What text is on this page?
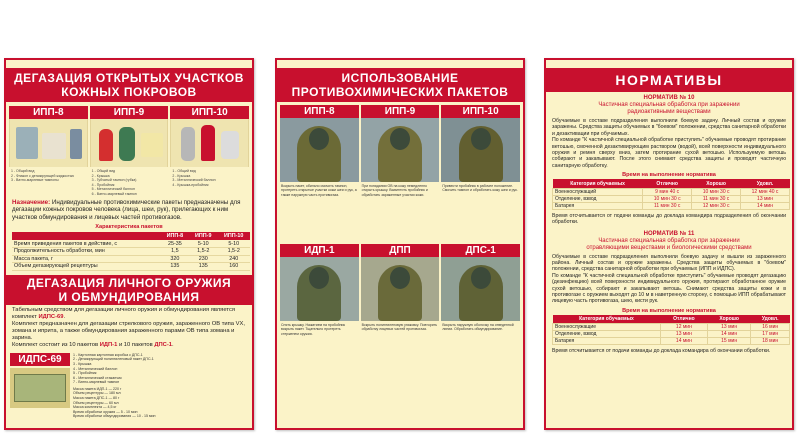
ДЕГАЗАЦИЯ ОТКРЫТЫХ УЧАСТКОВ
КОЖНЫХ ПОКРОВОВ
ИПП-8
1 - Общий вид
2 - Флакон с дегазирующей жидкостью
3 - Ватно-марлевые тампоны
ИПП-9
1 - Общий вид
2 - Крышка
3 - Губчатый тампон (губка)
4 - Пробойник
5 - Металлический баллон
6 - Ватно-марлевый тампон
ИПП-10
1 - Общий вид
2 - Крышка
3 - Металлический баллон
4 - Крышка-пробойник
Назначение: Индивидуальные противохимические пакеты предназначены для дегазации кожных покровов человека (лица, шеи, рук), прилегающих к ним участков обмундирования и лицевых частей противогазов.
Характеристика пакетов
	ИПП-8	ИПП-9	ИПП-10
Время приведения пакетов в действие, с	25-35	5-10	5-10
Продолжительность обработки, мин	1,5	1,5-2	1,5-2
Масса пакета, г	320	230	240
Объем дегазирующей рецептуры	135	135	160
ДЕГАЗАЦИЯ ЛИЧНОГО ОРУЖИЯ
И ОБМУНДИРОВАНИЯ
Табельным средством для дегазации личного оружия и обмундирования является комплект ИДПС-69.
Комплект предназначен для дегазации стрелкового оружия, зараженного ОВ типа VX, зомана и иприта, а также обмундирования зараженного парами ОВ типа зомана и зарина.
Комплект состоит из 10 пакетов ИДП-1 и 10 пакетов ДПС-1.
ИДПС-69	1 - Картонная картонная коробка с ДПС-1
2 - Дегазирующий полиэтиленовый пакет ДПС-1
3 - Крышка
4 - Металлический баллон
5 - Пробойник
6 - Металлический стаканчик
7 - Ватно-марлевый тампон
Масса пакета ИДП-1 — 220 г
Объем рецептуры — 180 мл
Масса пакета ДПС-1 — 80 г
Объем рецептуры — 60 мл
Масса комплекта — 4,5 кг
Время обработки оружия — 5 - 10 мин
Время обработки обмундирования — 10 - 15 мин
ИСПОЛЬЗОВАНИЕ
ПРОТИВОХИМИЧЕСКИХ ПАКЕТОВ
ИПП-8
Вскрыть пакет, обильно смочить тампон, протереть открытые участки кожи шеи и рук, а также наружную часть противогаза.
ИПП-9
При попадании ОВ на кожу немедленно открыть крышку. Вывинтить пробойник и обработать зараженные участки кожи.
ИПП-10
Привести пробойник в рабочее положение. Смочить тампон и обработать кожу шеи и рук.
ИДП-1
Снять крышку. Нажатием на пробойник вскрыть пакет. Тщательно протереть стерженем оружия.
ДПП
Вскрыть полиэтиленовую упаковку. Повторить обработку лицевых частей противогаза.
ДПС-1
Вскрыть наружную оболочку на отведенной линии. Обработать обмундирование.
НОРМАТИВЫ
НОРМАТИВ № 10
Частичная специальная обработка при заражении
радиоактивными веществами
Обучаемые в составе подразделения выполнили боевую задачу. Личный состав и оружие заражены. Средства защиты обучаемых в "боевом" положении, средства санитарной обработки и дезактивации при обучаемых.
По команде "К частичной специальной обработке приступить" обучаемые проводят протирание ветошью, смоченной дезактивирующим раствором (водой), всей поверхности индивидуального оружия и ремня сверху вниз, затем протирание сухой ветошью. Используемую ветошь собирают и закапывают. После этого снимают средства защиты и проводят частичную санитарную обработку.
Время на выполнение норматива
Категория обучаемых	Отлично	Хорошо	Удовл.
Военнослужащий	9 мин 40 с	10 мин 30 с	12 мин 40 с
Отделение, взвод	10 мин 30 с	11 мин 30 с	13 мин
Батарея	11 мин 30 с	12 мин 30 с	14 мин
Время отсчитывается от подачи команды до доклада командира подразделения об окончании обработки.
НОРМАТИВ № 11
Частичная специальная обработка при заражении
отравляющими веществами и биологическими средствами
Обучаемые в составе подразделения выполнили боевую задачу и вышли из зараженного района. Личный состав и оружие заражены. Средства защиты обучаемых в "боевом" положении, средства санитарной обработки при обучаемых (ИПП и ИДПС).
По команде "К частичной специальной обработке приступить" обучаемые проводят дегазацию (дезинфекцию) всей поверхности индивидуального оружия, протирают обработанное оружие сухой ветошью, собирают и закапывают ветошь. Снимают средства защиты кожи и в противогазе с оружием выходят до 10 м в наветренную сторону, с помощью ИПП обрабатывают лицевую часть противогаза, шею, кисти рук.
Время на выполнение норматива
Категория обучаемых	Отлично	Хорошо	Удовл.
Военнослужащие	12 мин	13 мин	16 мин
Отделение, взвод	13 мин	14 мин	17 мин
Батарея	14 мин	15 мин	18 мин
Время отсчитывается от подачи команды до доклада командира об окончании обработки.
